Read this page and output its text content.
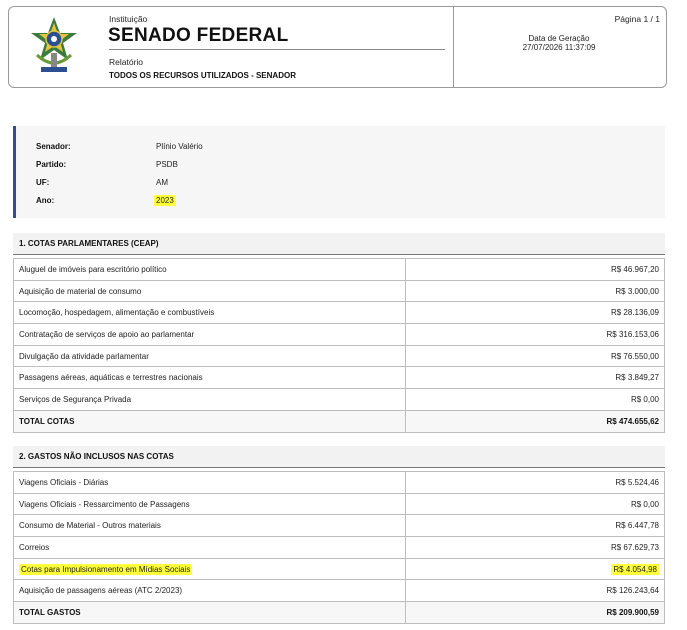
Instituição
SENADO FEDERAL
Relatório
TODOS OS RECURSOS UTILIZADOS - SENADOR
Página 1 / 1
Data de Geração
27/07/2026 11:37:09
Senador:	Plínio Valério
Partido:	PSDB
UF:	AM
Ano:	2023
1. COTAS PARLAMENTARES (CEAP)
Aluguel de imóveis para escritório político	R$ 46.967,20
Aquisição de material de consumo	R$ 3.000,00
Locomoção, hospedagem, alimentação e combustíveis	R$ 28.136,09
Contratação de serviços de apoio ao parlamentar	R$ 316.153,06
Divulgação da atividade parlamentar	R$ 76.550,00
Passagens aéreas, aquáticas e terrestres nacionais	R$ 3.849,27
Serviços de Segurança Privada	R$ 0,00
TOTAL COTAS	R$ 474.655,62
2. GASTOS NÃO INCLUSOS NAS COTAS
Viagens Oficiais - Diárias	R$ 5.524,46
Viagens Oficiais - Ressarcimento de Passagens	R$ 0,00
Consumo de Material - Outros materiais	R$ 6.447,78
Correios	R$ 67.629,73
Cotas para Impulsionamento em Mídias Sociais	R$ 4.054,98
Aquisição de passagens aéreas (ATC 2/2023)	R$ 126.243,64
TOTAL GASTOS	R$ 209.900,59
